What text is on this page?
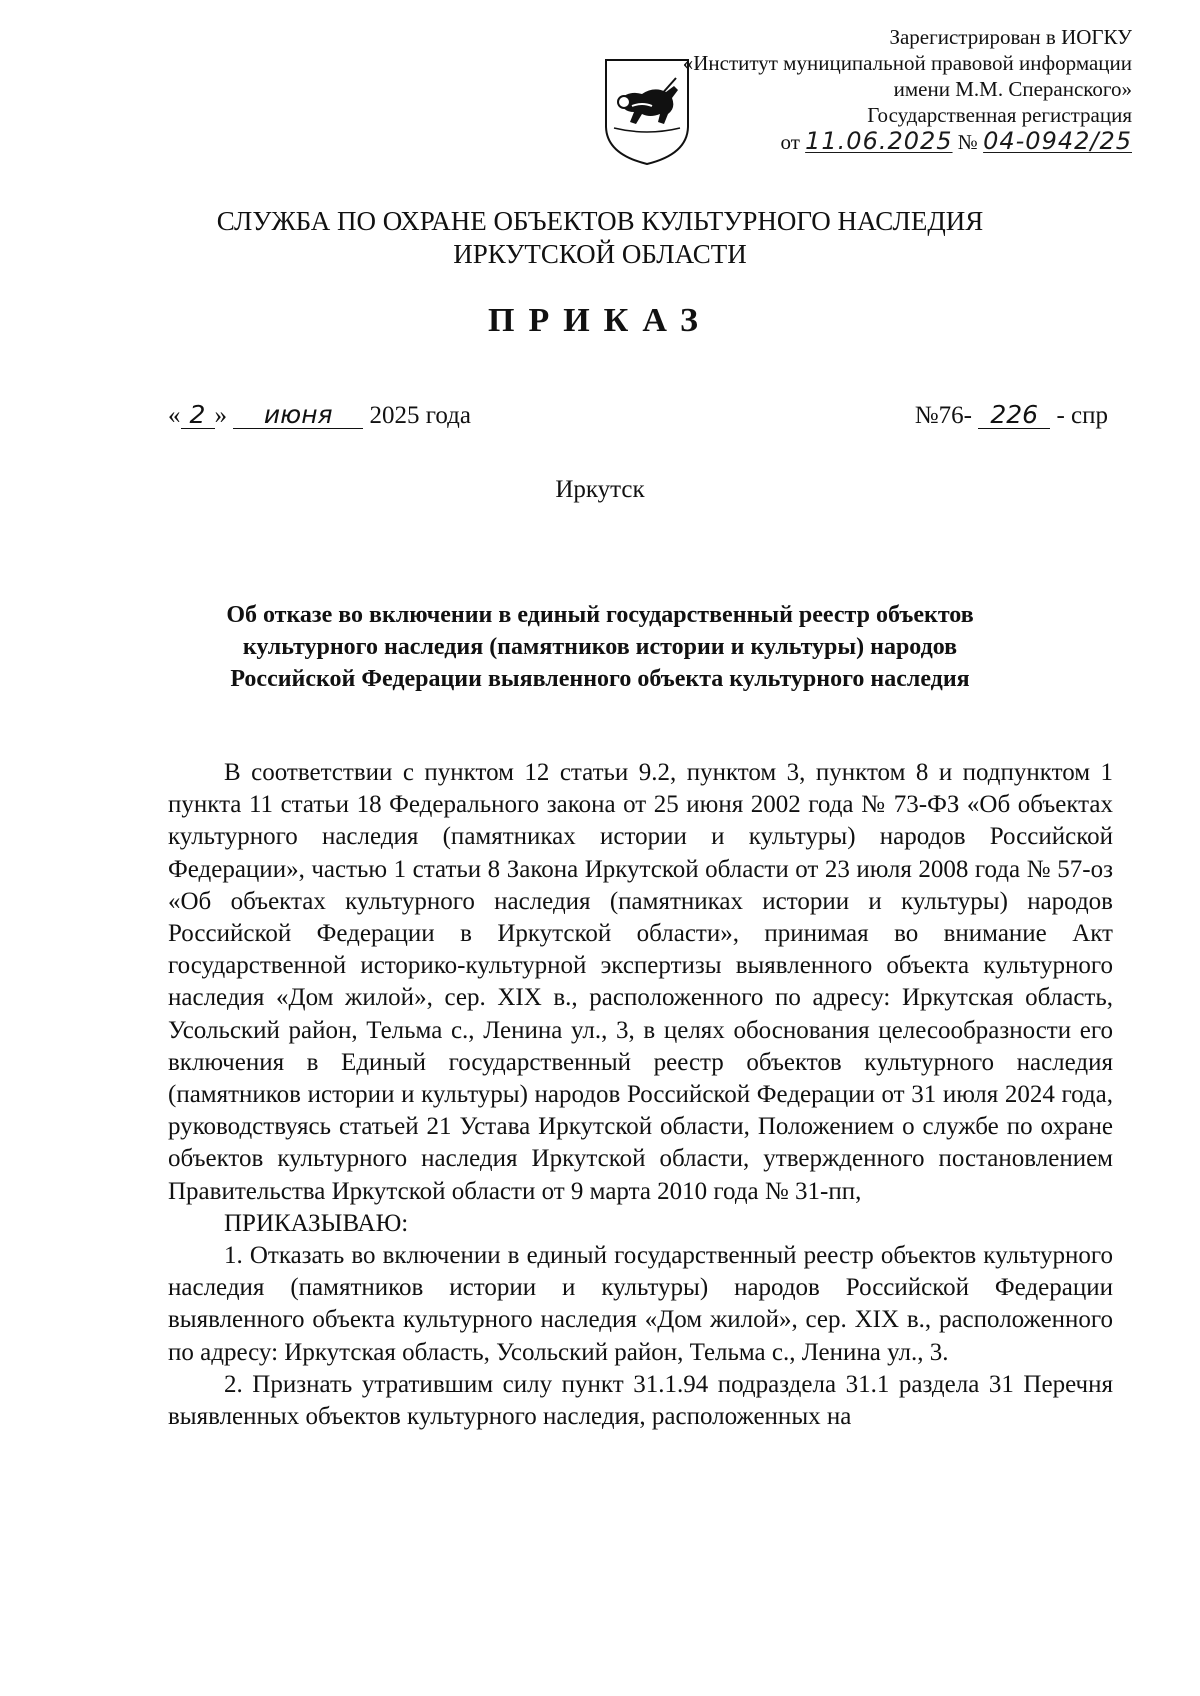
Зарегистрирован в ИОГКУ
«Институт муниципальной правовой информации
имени М.М. Сперанского»
Государственная регистрация
от 11.06.2025 № 04-0942/25
СЛУЖБА ПО ОХРАНЕ ОБЪЕКТОВ КУЛЬТУРНОГО НАСЛЕДИЯ
ИРКУТСКОЙ ОБЛАСТИ
ПРИКАЗ
« 2 » июня 2025 года	№76- 226 - спр
Иркутск
Об отказе во включении в единый государственный реестр объектов
культурного наследия (памятников истории и культуры) народов
Российской Федерации выявленного объекта культурного наследия

В соответствии с пунктом 12 статьи 9.2, пунктом 3, пунктом 8 и подпунктом 1 пункта 11 статьи 18 Федерального закона от 25 июня 2002 года № 73-ФЗ «Об объектах культурного наследия (памятниках истории и культуры) народов Российской Федерации», частью 1 статьи 8 Закона Иркутской области от 23 июля 2008 года № 57-оз «Об объектах культурного наследия (памятниках истории и культуры) народов Российской Федерации в Иркутской области», принимая во внимание Акт государственной историко-культурной экспертизы выявленного объекта культурного наследия «Дом жилой», сер. XIX в., расположенного по адресу: Иркутская область, Усольский район, Тельма с., Ленина ул., 3, в целях обоснования целесообразности его включения в Единый государственный реестр объектов культурного наследия (памятников истории и культуры) народов Российской Федерации от 31 июля 2024 года, руководствуясь статьей 21 Устава Иркутской области, Положением о службе по охране объектов культурного наследия Иркутской области, утвержденного постановлением Правительства Иркутской области от 9 марта 2010 года № 31-пп,

ПРИКАЗЫВАЮ:

1. Отказать во включении в единый государственный реестр объектов культурного наследия (памятников истории и культуры) народов Российской Федерации выявленного объекта культурного наследия «Дом жилой», сер. XIX в., расположенного по адресу: Иркутская область, Усольский район, Тельма с., Ленина ул., 3.

2. Признать утратившим силу пункт 31.1.94 подраздела 31.1 раздела 31 Перечня выявленных объектов культурного наследия, расположенных на
